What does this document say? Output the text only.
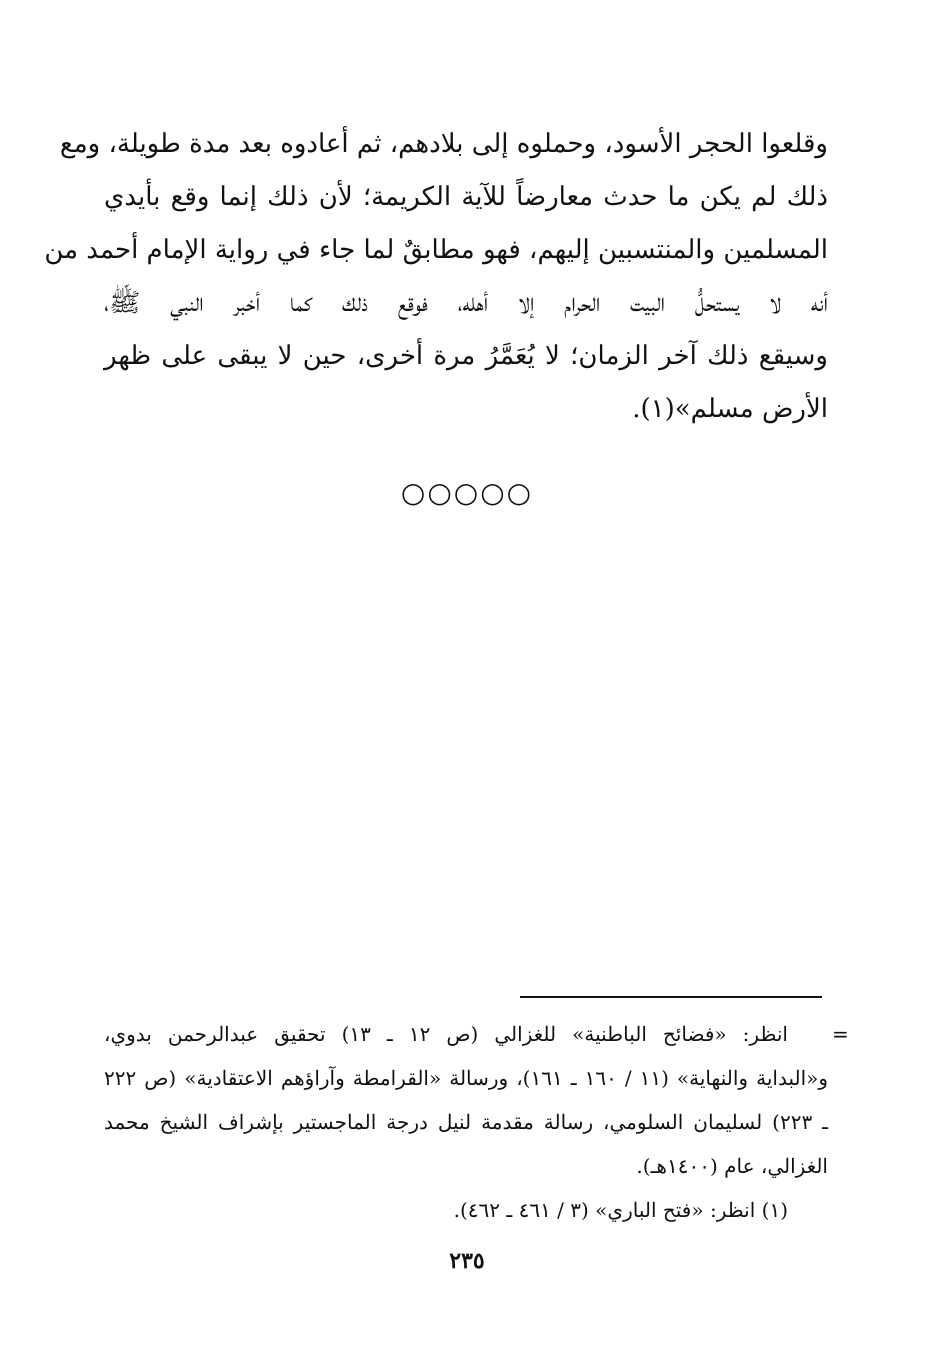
وقلعوا الحجر الأسود، وحملوه إلى بلادهم، ثم أعادوه بعد مدة طويلة، ومع
ذلك لم يكن ما حدث معارضاً للآية الكريمة؛ لأن ذلك إنما وقع بأيدي
المسلمين والمنتسبين إليهم، فهو مطابقٌ لما جاء في رواية الإمام أحمد من
أنه لا يستحلُّ البيت الحرام إلا أهله، فوقع ذلك كما أخبر النبي ﷺ،
وسيقع ذلك آخر الزمان؛ لا يُعَمَّرُ مرة أخرى، حين لا يبقى على ظهر
الأرض مسلم»(١).
○○○○○
=
انظر: «فضائح الباطنية» للغزالي (ص ١٢ ـ ١٣) تحقيق عبدالرحمن بدوي،
و«البداية والنهاية» (١١ / ١٦٠ ـ ١٦١)، ورسالة «القرامطة وآراؤهم الاعتقادية» (ص ٢٢٢
ـ ٢٢٣) لسليمان السلومي، رسالة مقدمة لنيل درجة الماجستير بإشراف الشيخ محمد
الغزالي، عام (١٤٠٠هـ).
(١) انظر: «فتح الباري» (٣ / ٤٦١ ـ ٤٦٢).
٢٣٥
